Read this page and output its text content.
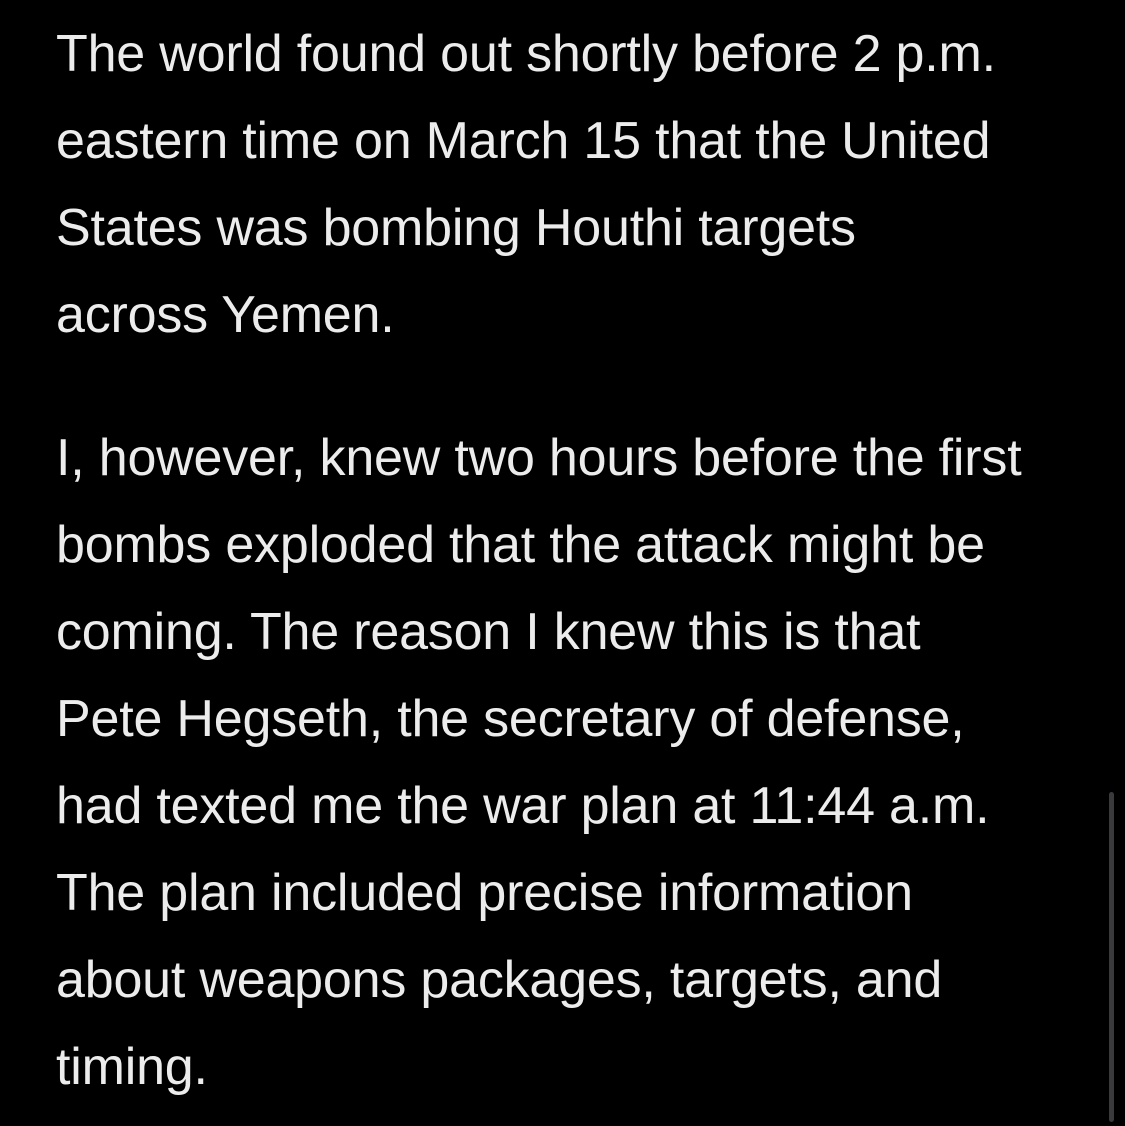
The world found out shortly before 2 p.m.
eastern time on March 15 that the United
States was bombing Houthi targets
across Yemen.
I, however, knew two hours before the first
bombs exploded that the attack might be
coming. The reason I knew this is that
Pete Hegseth, the secretary of defense,
had texted me the war plan at 11:44 a.m.
The plan included precise information
about weapons packages, targets, and
timing.
